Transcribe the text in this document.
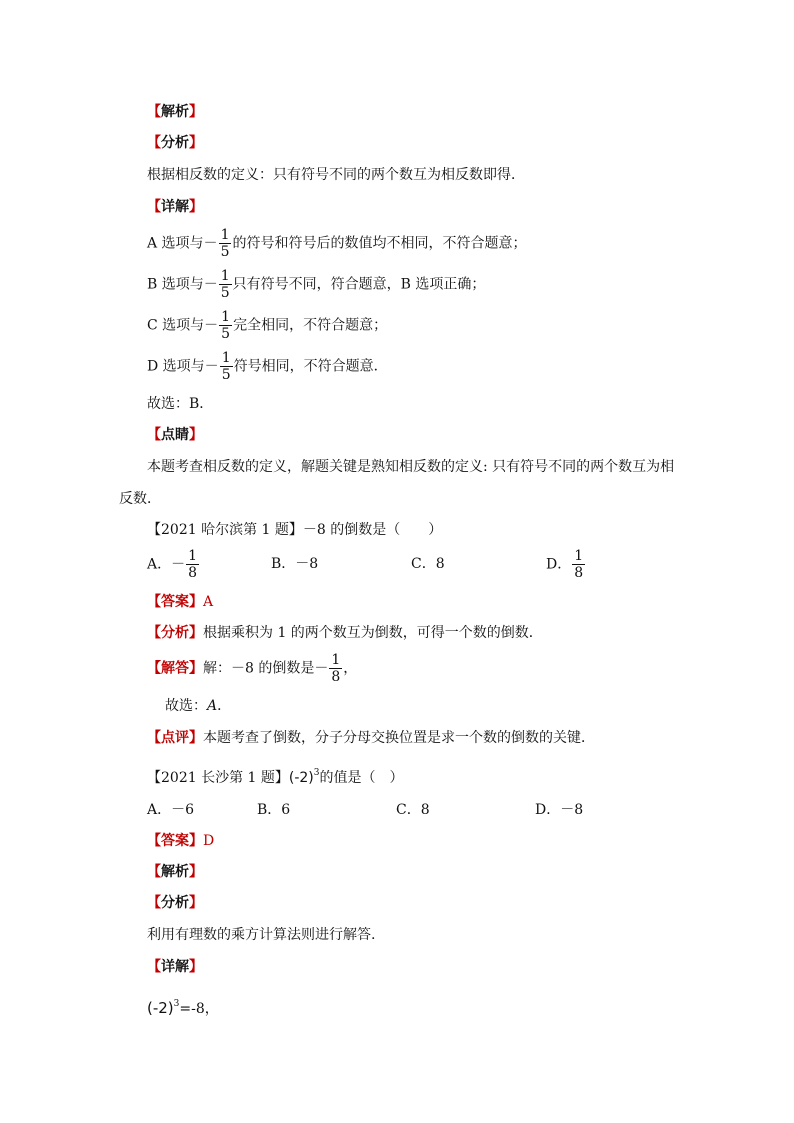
【解析】
【分析】
根据相反数的定义：只有符号不同的两个数互为相反数即得．
【详解】
A 选项与－ $\frac{1}{5}$ 的符号和符号后的数值均不相同，不符合题意；
B 选项与－ $\frac{1}{5}$ 只有符号不同，符合题意，B 选项正确；
C 选项与－ $\frac{1}{5}$ 完全相同，不符合题意；
D 选项与－ $\frac{1}{5}$ 符号相同，不符合题意．
故选：B．
【点睛】
本题考查相反数的定义，解题关键是熟知相反数的定义: 只有符号不同的两个数互为相
反数．
【2021 哈尔滨第 1 题】－8 的倒数是（　　）
A．－ $\frac{1}{8}$	B．－8	C．8	D． $\frac{1}{8}$
【答案】A
【分析】根据乘积为 1 的两个数互为倒数，可得一个数的倒数．
【解答】解：－8 的倒数是－ $\frac{1}{8}$ ，
故选：A．
【点评】本题考查了倒数，分子分母交换位置是求一个数的倒数的关键．
【2021 长沙第 1 题】$(-2)^3$的值是（　）
A．－6	B．6	C．8	D．－8
【答案】D
【解析】
【分析】
利用有理数的乘方计算法则进行解答.
【详解】
$(-2)^3=-8$，
